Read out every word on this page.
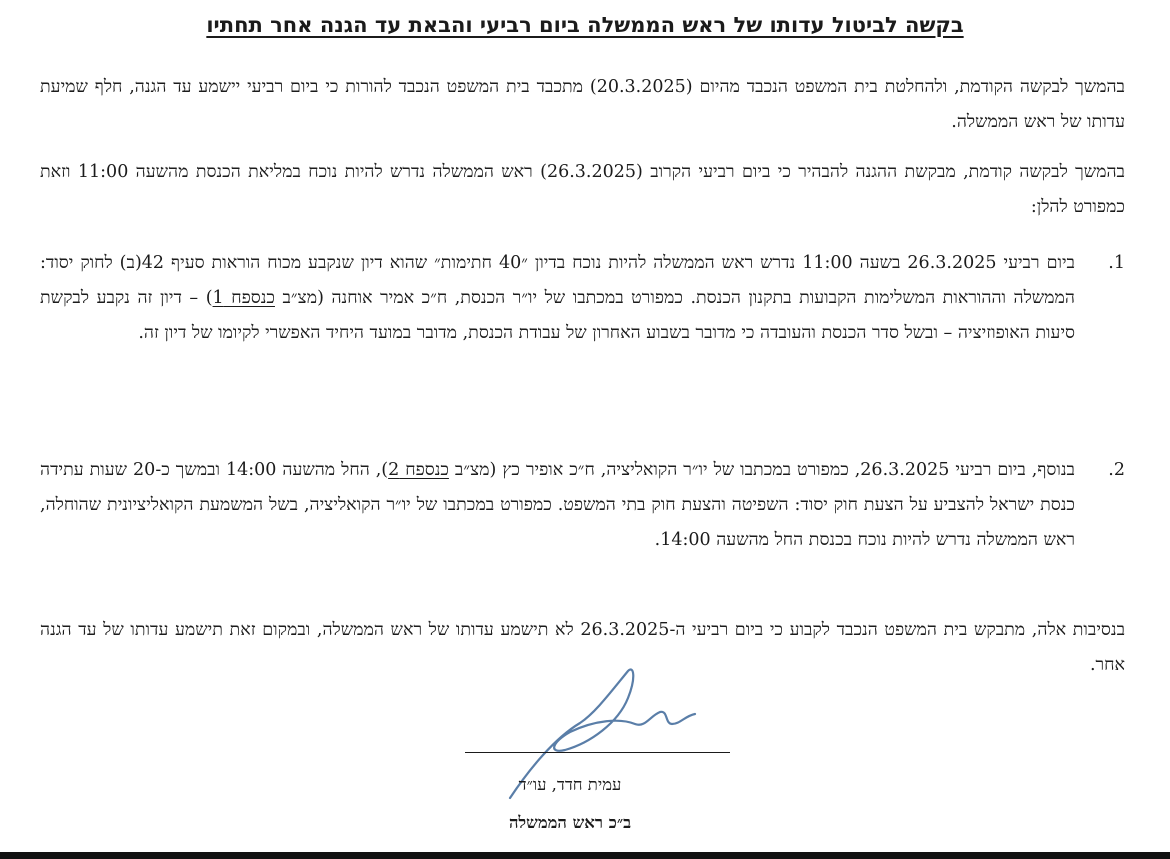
בקשה לביטול עדותו של ראש הממשלה ביום רביעי והבאת עד הגנה אחר תחתיו

בהמשך לבקשה הקודמת, ולהחלטת בית המשפט הנכבד מהיום (20.3.2025) מתכבד בית המשפט הנכבד להורות כי ביום רביעי יישמע עד הגנה, חלף שמיעת עדותו של ראש הממשלה.

בהמשך לבקשה קודמת, מבקשת ההגנה להבהיר כי ביום רביעי הקרוב (26.3.2025) ראש הממשלה נדרש להיות נוכח במליאת הכנסת מהשעה 11:00 וזאת כמפורט להלן:

1.
ביום רביעי 26.3.2025 בשעה 11:00 נדרש ראש הממשלה להיות נוכח בדיון ״40 חתימות״ שהוא דיון שנקבע מכוח הוראות סעיף 42(ב) לחוק יסוד: הממשלה וההוראות המשלימות הקבועות בתקנון הכנסת. כמפורט במכתבו של יו״ר הכנסת, ח״כ אמיר אוחנה (מצ״ב כנספח 1) – דיון זה נקבע לבקשת סיעות האופוזיציה – ובשל סדר הכנסת והעובדה כי מדובר בשבוע האחרון של עבודת הכנסת, מדובר במועד היחיד האפשרי לקיומו של דיון זה.
2.
בנוסף, ביום רביעי 26.3.2025, כמפורט במכתבו של יו״ר הקואליציה, ח״כ אופיר כץ (מצ״ב כנספח 2), החל מהשעה 14:00 ובמשך כ-20 שעות עתידה כנסת ישראל להצביע על הצעת חוק יסוד: השפיטה והצעת חוק בתי המשפט. כמפורט במכתבו של יו״ר הקואליציה, בשל המשמעת הקואליציונית שהוחלה, ראש הממשלה נדרש להיות נוכח בכנסת החל מהשעה 14:00.

בנסיבות אלה, מתבקש בית המשפט הנכבד לקבוע כי ביום רביעי ה-26.3.2025 לא תישמע עדותו של ראש הממשלה, ובמקום זאת תישמע עדותו של עד הגנה אחר.

עמית חדד, עו״ד
ב״כ ראש הממשלה
